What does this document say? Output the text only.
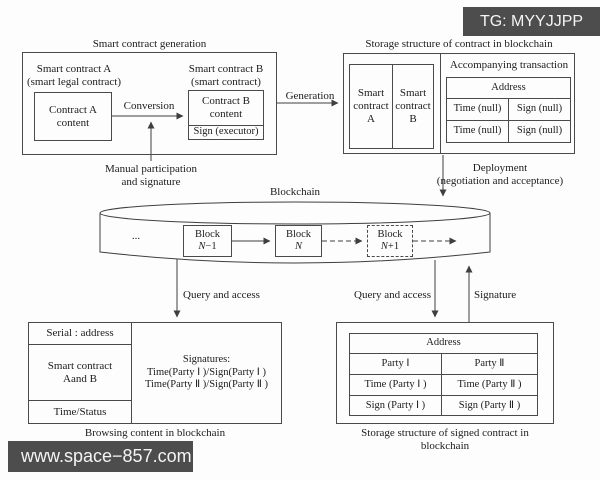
Smart contract generation
Smart contract A
(smart legal contract)
Contract A
content
Conversion
Smart contract B
(smart contract)
Contract B
content
Sign (executor)
Generation
Manual participation
and signature
Storage structure of contract in blockchain
Smart
contract
A
Smart
contract
B
Accompanying transaction
Address
Time (null)	Sign (null)
Time (null)	Sign (null)
Deployment
(negotiation and acceptance)
Blockchain
...	Block
N−1
Block
N
Block
N+1
Query and access	Query and access	Signature
Serial : address
Smart contract
Aand B
Time/Status
Signatures:
Time(Party Ⅰ )/Sign(Party Ⅰ )
Time(Party Ⅱ )/Sign(Party Ⅱ )
Browsing content in blockchain
Address
Party Ⅰ	Party Ⅱ
Time (Party Ⅰ )	Time (Party Ⅱ )
Sign (Party Ⅰ )	Sign (Party Ⅱ )
Storage structure of signed contract in blockchain
TG: MYYJJPP
www.space−857.com
